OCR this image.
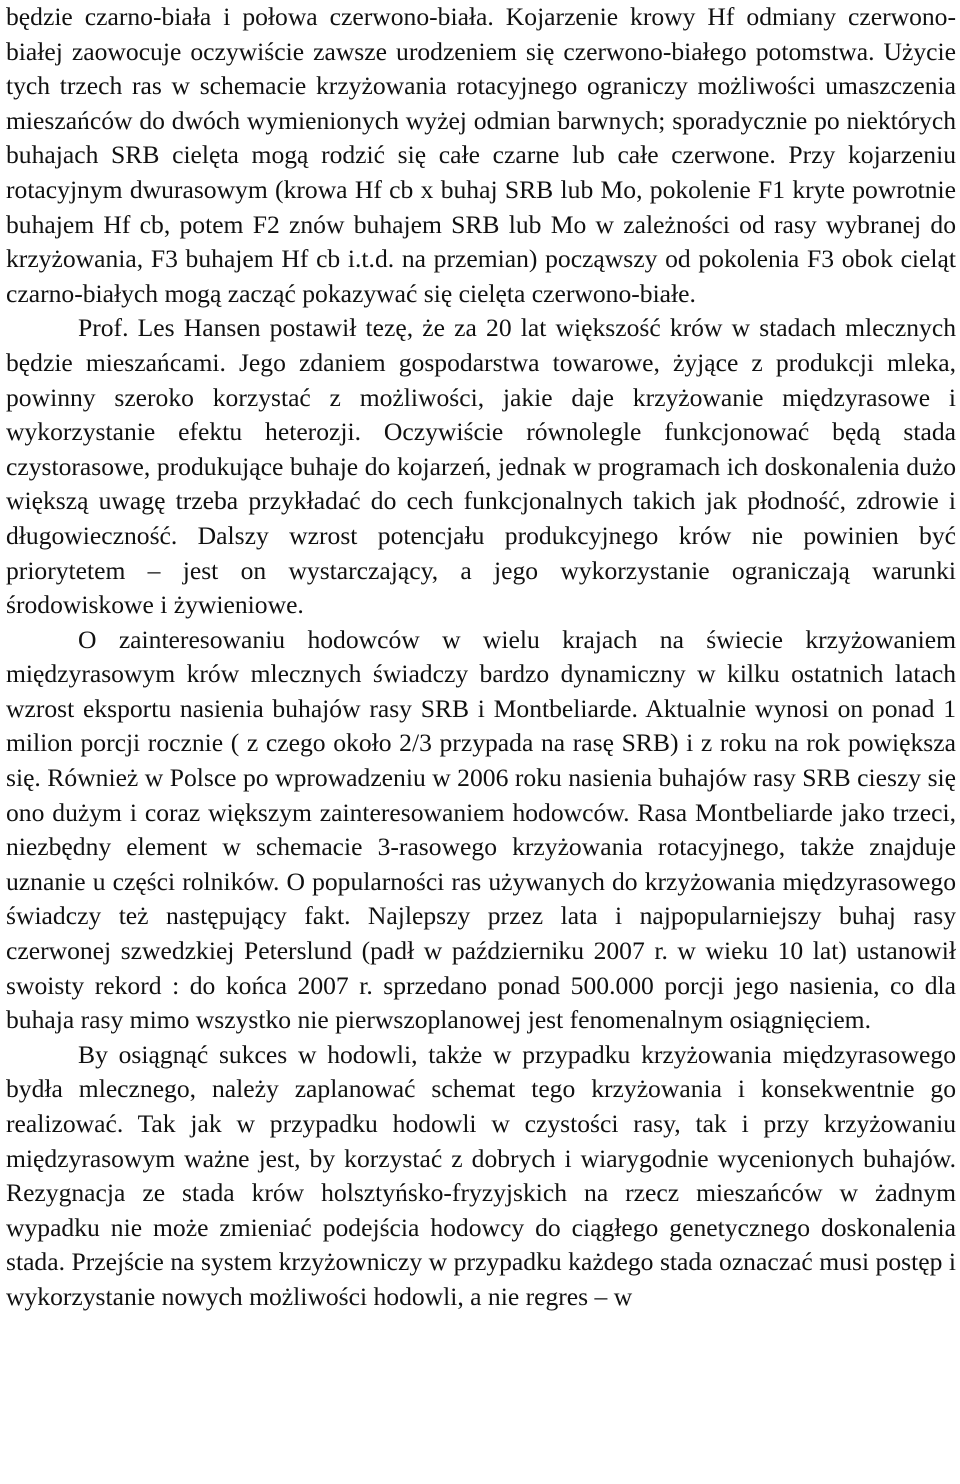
będzie czarno-biała i połowa czerwono-biała. Kojarzenie krowy Hf odmiany czerwono-białej zaowocuje oczywiście zawsze urodzeniem się czerwono-białego potomstwa. Użycie tych trzech ras w schemacie krzyżowania rotacyjnego ograniczy możliwości umaszczenia mieszańców do dwóch wymienionych wyżej odmian barwnych; sporadycznie po niektórych buhajach SRB cielęta mogą rodzić się całe czarne lub całe czerwone. Przy kojarzeniu rotacyjnym dwurasowym (krowa Hf cb x buhaj SRB lub Mo, pokolenie F1 kryte powrotnie buhajem Hf cb, potem F2 znów buhajem SRB lub Mo w zależności od rasy wybranej do krzyżowania, F3 buhajem Hf cb i.t.d. na przemian) począwszy od pokolenia F3 obok cieląt czarno-białych mogą zacząć pokazywać się cielęta czerwono-białe.

Prof. Les Hansen postawił tezę, że za 20 lat większość krów w stadach mlecznych będzie mieszańcami. Jego zdaniem gospodarstwa towarowe, żyjące z produkcji mleka, powinny szeroko korzystać z możliwości, jakie daje krzyżowanie międzyrasowe i wykorzystanie efektu heterozji. Oczywiście równolegle funkcjonować będą stada czystorasowe, produkujące buhaje do kojarzeń, jednak w programach ich doskonalenia dużo większą uwagę trzeba przykładać do cech funkcjonalnych takich jak płodność, zdrowie i długowieczność. Dalszy wzrost potencjału produkcyjnego krów nie powinien być priorytetem – jest on wystarczający, a jego wykorzystanie ograniczają warunki środowiskowe i żywieniowe.

O zainteresowaniu hodowców w wielu krajach na świecie krzyżowaniem międzyrasowym krów mlecznych świadczy bardzo dynamiczny w kilku ostatnich latach wzrost eksportu nasienia buhajów rasy SRB i Montbeliarde. Aktualnie wynosi on ponad 1 milion porcji rocznie ( z czego około 2/3 przypada na rasę SRB) i z roku na rok powiększa się. Również w Polsce po wprowadzeniu w 2006 roku nasienia buhajów rasy SRB cieszy się ono dużym i coraz większym zainteresowaniem hodowców. Rasa Montbeliarde jako trzeci, niezbędny element w schemacie 3-rasowego krzyżowania rotacyjnego, także znajduje uznanie u części rolników. O popularności ras używanych do krzyżowania międzyrasowego świadczy też następujący fakt. Najlepszy przez lata i najpopularniejszy buhaj rasy czerwonej szwedzkiej Peterslund (padł w październiku 2007 r. w wieku 10 lat) ustanowił swoisty rekord : do końca 2007 r. sprzedano ponad 500.000 porcji jego nasienia, co dla buhaja rasy mimo wszystko nie pierwszoplanowej jest fenomenalnym osiągnięciem.

By osiągnąć sukces w hodowli, także w przypadku krzyżowania międzyrasowego bydła mlecznego, należy zaplanować schemat tego krzyżowania i konsekwentnie go realizować. Tak jak w przypadku hodowli w czystości rasy, tak i przy krzyżowaniu międzyrasowym ważne jest, by korzystać z dobrych i wiarygodnie wycenionych buhajów. Rezygnacja ze stada krów holsztyńsko-fryzyjskich na rzecz mieszańców w żadnym wypadku nie może zmieniać podejścia hodowcy do ciągłego genetycznego doskonalenia stada. Przejście na system krzyżowniczy w przypadku każdego stada oznaczać musi postęp i wykorzystanie nowych możliwości hodowli, a nie regres – w
